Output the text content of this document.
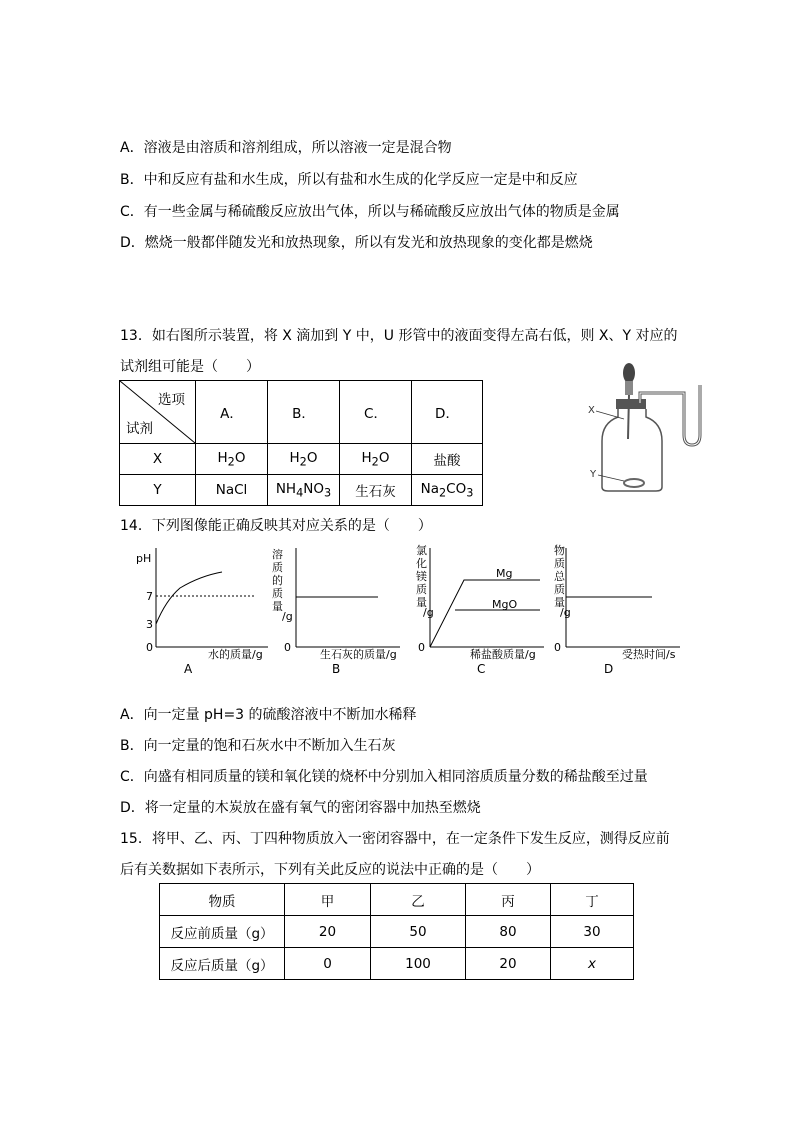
A．溶液是由溶质和溶剂组成，所以溶液一定是混合物
B．中和反应有盐和水生成，所以有盐和水生成的化学反应一定是中和反应
C．有一些金属与稀硫酸反应放出气体，所以与稀硫酸反应放出气体的物质是金属
D．燃烧一般都伴随发光和放热现象，所以有发光和放热现象的变化都是燃烧
13．如右图所示装置，将 X 滴加到 Y 中，U 形管中的液面变得左高右低，则 X、Y 对应的
试剂组可能是（　　）
选项
试剂	A．	B．	C．	D．
X	$H_2O$	$H_2O$	$H_2O$	盐酸
Y	NaCl	$NH_4NO_3$	生石灰	$Na_2CO_3$
X
Y
14．下列图像能正确反映其对应关系的是（　　）
pH
7
3
0
水的质量/g
A
溶质的质量
/g
0
生石灰的质量/g
B
氯化镁质量
/g
0
Mg
MgO
稀盐酸质量/g
C
物质总质量
/g
0
受热时间/s
D
A．向一定量 pH=3 的硫酸溶液中不断加水稀释
B．向一定量的饱和石灰水中不断加入生石灰
C．向盛有相同质量的镁和氧化镁的烧杯中分别加入相同溶质质量分数的稀盐酸至过量
D．将一定量的木炭放在盛有氧气的密闭容器中加热至燃烧
15．将甲、乙、丙、丁四种物质放入一密闭容器中，在一定条件下发生反应，测得反应前
后有关数据如下表所示，下列有关此反应的说法中正确的是（　　）
物质	甲	乙	丙	丁
反应前质量（g）	20	50	80	30
反应后质量（g）	0	100	20	x
